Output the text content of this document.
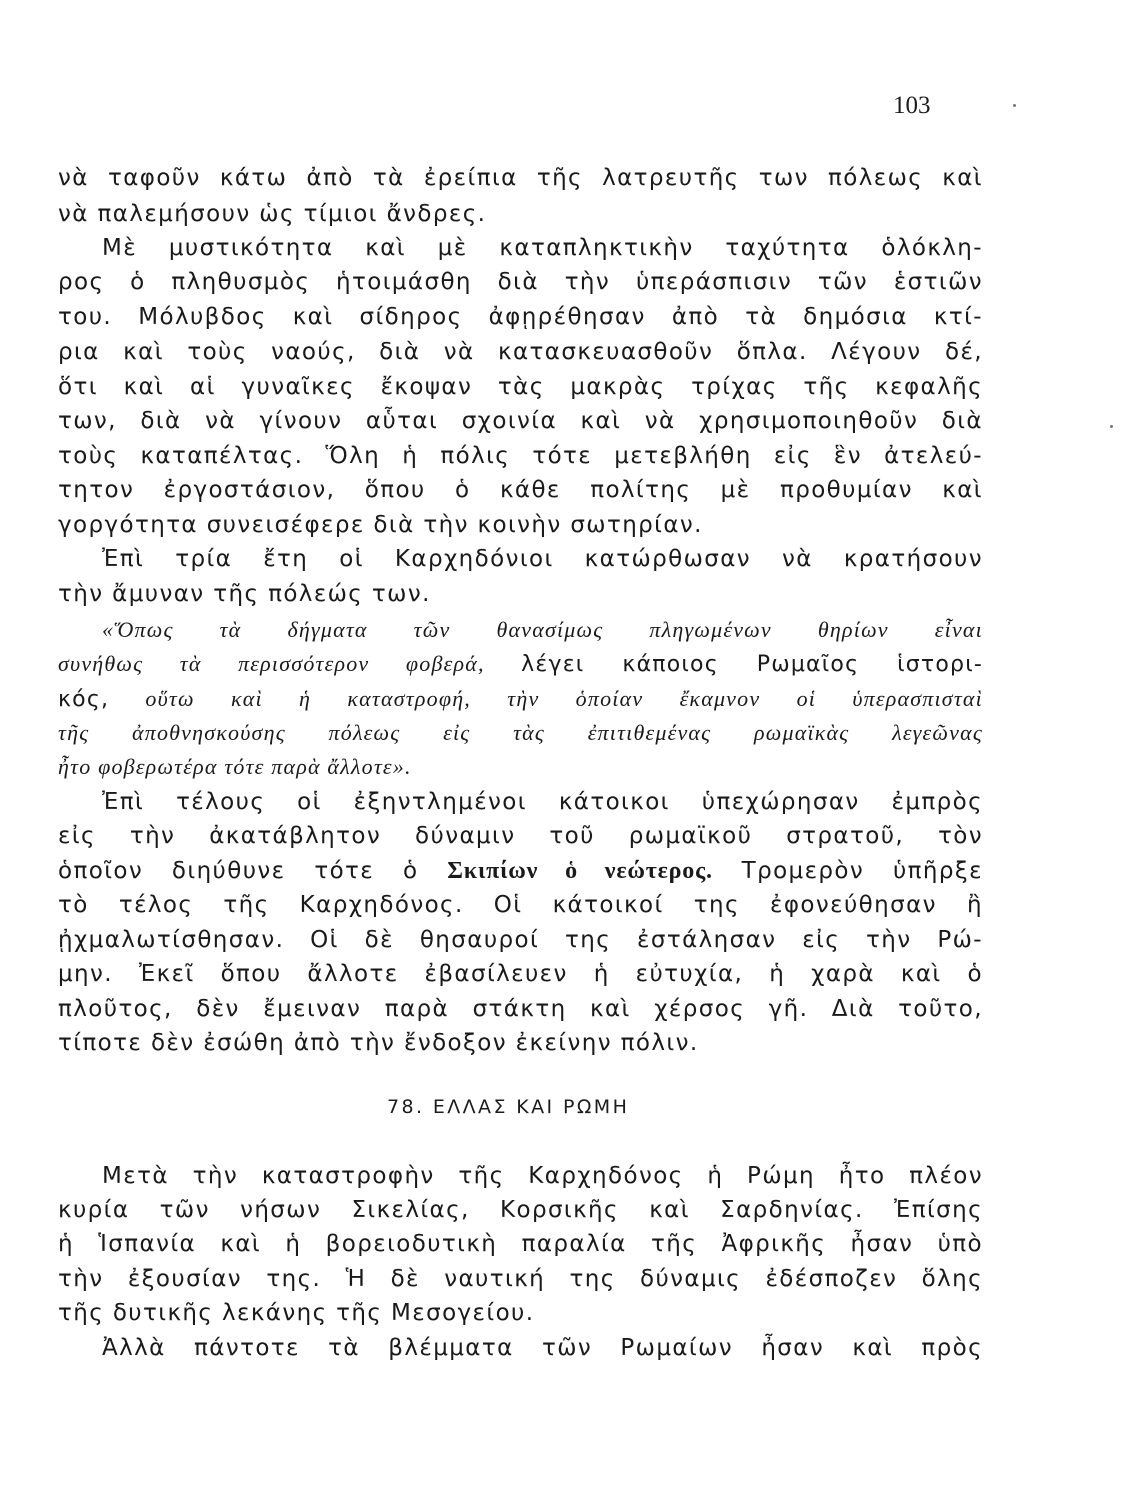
103
νὰ ταφοῦν κάτω ἀπὸ τὰ ἐρείπια τῆς λατρευτῆς των πόλεως καὶ
νὰ παλεμήσουν ὡς τίμιοι ἄνδρες.
Μὲ μυστικότητα καὶ μὲ καταπληκτικὴν ταχύτητα ὁλόκλη-
ρος ὁ πληθυσμὸς ἡτοιμάσθη διὰ τὴν ὑπεράσπισιν τῶν ἑστιῶν
του. Μόλυβδος καὶ σίδηρος ἀφῃρέθησαν ἀπὸ τὰ δημόσια κτί-
ρια καὶ τοὺς ναούς, διὰ νὰ κατασκευασθοῦν ὅπλα. Λέγουν δέ,
ὅτι καὶ αἱ γυναῖκες ἔκοψαν τὰς μακρὰς τρίχας τῆς κεφαλῆς
των, διὰ νὰ γίνουν αὗται σχοινία καὶ νὰ χρησιμοποιηθοῦν διὰ
τοὺς καταπέλτας. Ὅλη ἡ πόλις τότε μετεβλήθη εἰς ἓν ἀτελεύ-
τητον ἐργοστάσιον, ὅπου ὁ κάθε πολίτης μὲ προθυμίαν καὶ
γοργότητα συνεισέφερε διὰ τὴν κοινὴν σωτηρίαν.
Ἐπὶ τρία ἔτη οἱ Καρχηδόνιοι κατώρθωσαν νὰ κρατήσουν
τὴν ἄμυναν τῆς πόλεώς των.
«Ὅπως τὰ δήγματα τῶν θανασίμως πληγωμένων θηρίων εἶναι
συνήθως τὰ περισσότερον φοβερά, λέγει κάποιος Ρωμαῖος ἱστορι-
κός, οὕτω καὶ ἡ καταστροφή, τὴν ὁποίαν ἔκαμνον οἱ ὑπερασπισταὶ
τῆς ἀποθνησκούσης πόλεως εἰς τὰς ἐπιτιθεμένας ρωμαϊκὰς λεγεῶνας
ἦτο φοβερωτέρα τότε παρὰ ἄλλοτε».
Ἐπὶ τέλους οἱ ἐξηντλημένοι κάτοικοι ὑπεχώρησαν ἐμπρὸς
εἰς τὴν ἀκατάβλητον δύναμιν τοῦ ρωμαϊκοῦ στρατοῦ, τὸν
ὁποῖον διηύθυνε τότε ὁ Σκιπίων ὁ νεώτερος. Τρομερὸν ὑπῆρξε
τὸ τέλος τῆς Καρχηδόνος. Οἱ κάτοικοί της ἐφονεύθησαν ἢ
ᾐχμαλωτίσθησαν. Οἱ δὲ θησαυροί της ἐστάλησαν εἰς τὴν Ρώ-
μην. Ἐκεῖ ὅπου ἄλλοτε ἐβασίλευεν ἡ εὐτυχία, ἡ χαρὰ καὶ ὁ
πλοῦτος, δὲν ἔμειναν παρὰ στάκτη καὶ χέρσος γῆ. Διὰ τοῦτο,
τίποτε δὲν ἐσώθη ἀπὸ τὴν ἔνδοξον ἐκείνην πόλιν.
78. ΕΛΛΑΣ ΚΑΙ ΡΩΜΗ
Μετὰ τὴν καταστροφὴν τῆς Καρχηδόνος ἡ Ρώμη ἦτο πλέον
κυρία τῶν νήσων Σικελίας, Κορσικῆς καὶ Σαρδηνίας. Ἐπίσης
ἡ Ἱσπανία καὶ ἡ βορειοδυτικὴ παραλία τῆς Ἀφρικῆς ἦσαν ὑπὸ
τὴν ἐξουσίαν της. Ἡ δὲ ναυτική της δύναμις ἐδέσποζεν ὅλης
τῆς δυτικῆς λεκάνης τῆς Μεσογείου.
Ἀλλὰ πάντοτε τὰ βλέμματα τῶν Ρωμαίων ἦσαν καὶ πρὸς
